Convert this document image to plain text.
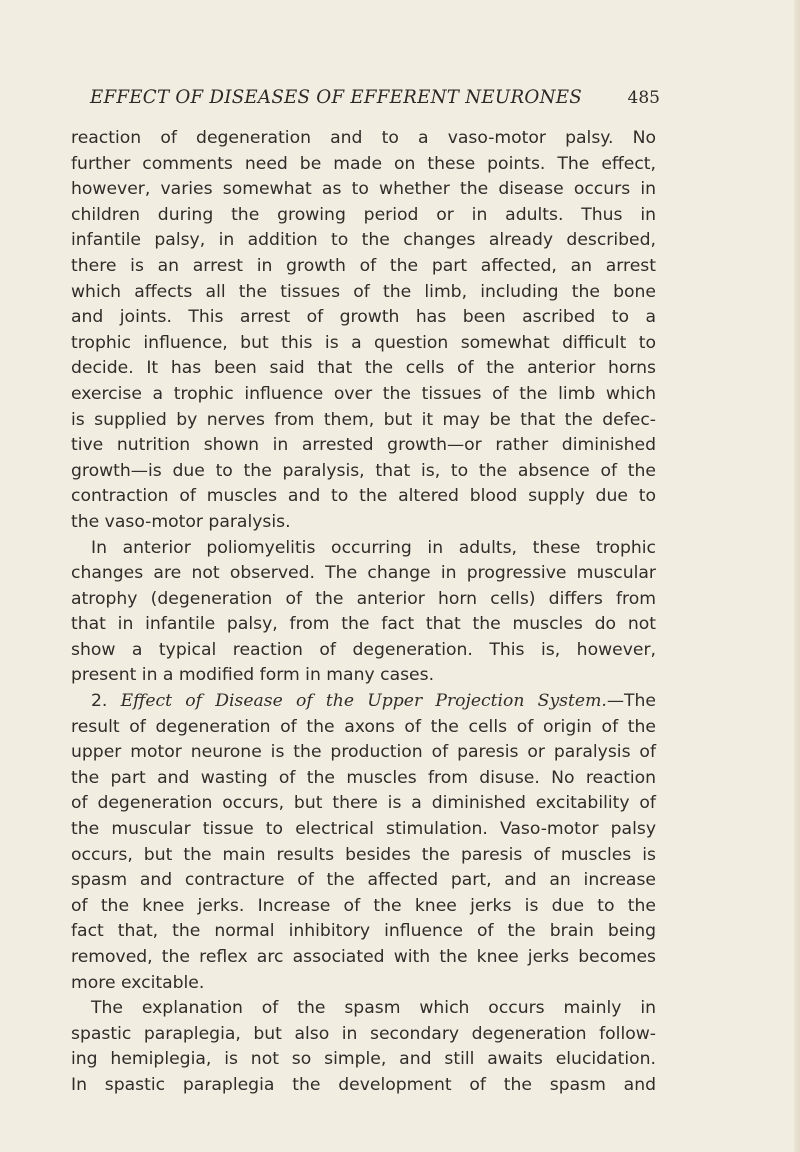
EFFECT OF DISEASES OF EFFERENT NEURONES	485
reaction of degeneration and to a vaso-motor palsy. No
further comments need be made on these points. The effect,
however, varies somewhat as to whether the disease occurs in
children during the growing period or in adults. Thus in
infantile palsy, in addition to the changes already described,
there is an arrest in growth of the part affected, an arrest
which affects all the tissues of the limb, including the bone
and joints. This arrest of growth has been ascribed to a
trophic influence, but this is a question somewhat difficult to
decide. It has been said that the cells of the anterior horns
exercise a trophic influence over the tissues of the limb which
is supplied by nerves from them, but it may be that the defec-
tive nutrition shown in arrested growth—or rather diminished
growth—is due to the paralysis, that is, to the absence of the
contraction of muscles and to the altered blood supply due to
the vaso-motor paralysis.
In anterior poliomyelitis occurring in adults, these trophic
changes are not observed. The change in progressive muscular
atrophy (degeneration of the anterior horn cells) differs from
that in infantile palsy, from the fact that the muscles do not
show a typical reaction of degeneration. This is, however,
present in a modified form in many cases.
2. Effect of Disease of the Upper Projection System.—The
result of degeneration of the axons of the cells of origin of the
upper motor neurone is the production of paresis or paralysis of
the part and wasting of the muscles from disuse. No reaction
of degeneration occurs, but there is a diminished excitability of
the muscular tissue to electrical stimulation. Vaso-motor palsy
occurs, but the main results besides the paresis of muscles is
spasm and contracture of the affected part, and an increase
of the knee jerks. Increase of the knee jerks is due to the
fact that, the normal inhibitory influence of the brain being
removed, the reflex arc associated with the knee jerks becomes
more excitable.
The explanation of the spasm which occurs mainly in
spastic paraplegia, but also in secondary degeneration follow-
ing hemiplegia, is not so simple, and still awaits elucidation.
In spastic paraplegia the development of the spasm and
